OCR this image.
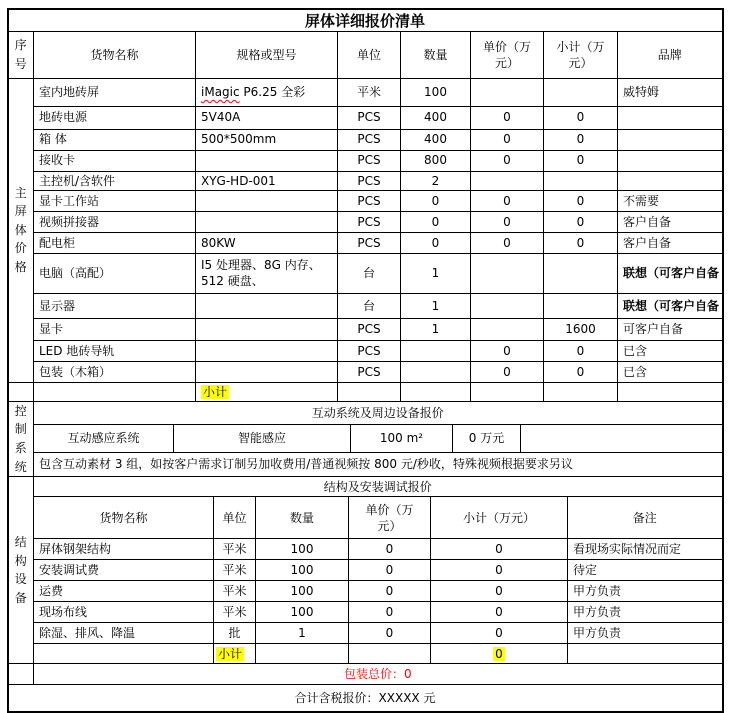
屏体详细报价清单
序号	货物名称	规格或型号	单位	数量	单价（万元）	小计（万元）	品牌
主屏体价格	室内地砖屏	iMagic P6.25 全彩	平米	100			威特姆
	地砖电源	5V40A	PCS	400	0	0	
	箱 体	500*500mm	PCS	400	0	0	
	接收卡		PCS	800	0	0	
	主控机/含软件	XYG-HD-001	PCS	2			
	显卡工作站		PCS	0	0	0	不需要
	视频拼接器		PCS	0	0	0	客户自备
	配电柜	80KW	PCS	0	0	0	客户自备
	电脑（高配）	I5 处理器、8G 内存、512 硬盘、	台	1			联想（可客户自备
	显示器		台	1			联想（可客户自备
	显卡		PCS	1		1600	可客户自备
	LED 地砖导轨		PCS		0	0	已含
	包装（木箱）		PCS		0	0	已含
		小计					
控制系统	互动系统及周边设备报价				
	互动感应系统	智能感应	100 m²	0 万元	
	包含互动素材 3 组，如按客户需求订制另加收费用/普通视频按 800 元/秒收，特殊视频根据要求另议				
结构设备	结构及安装调试报价					
	货物名称	单位	数量	单价（万元）	小计（万元）	备注
	屏体钢架结构	平米	100	0	0	看现场实际情况而定
	安装调试费	平米	100	0	0	待定
	运费	平米	100	0	0	甲方负责
	现场布线	平米	100	0	0	甲方负责
	除湿、排风、降温	批	1	0	0	甲方负责
		小计			0	
	包装总价：0					
合计含税报价：XXXXX 元
